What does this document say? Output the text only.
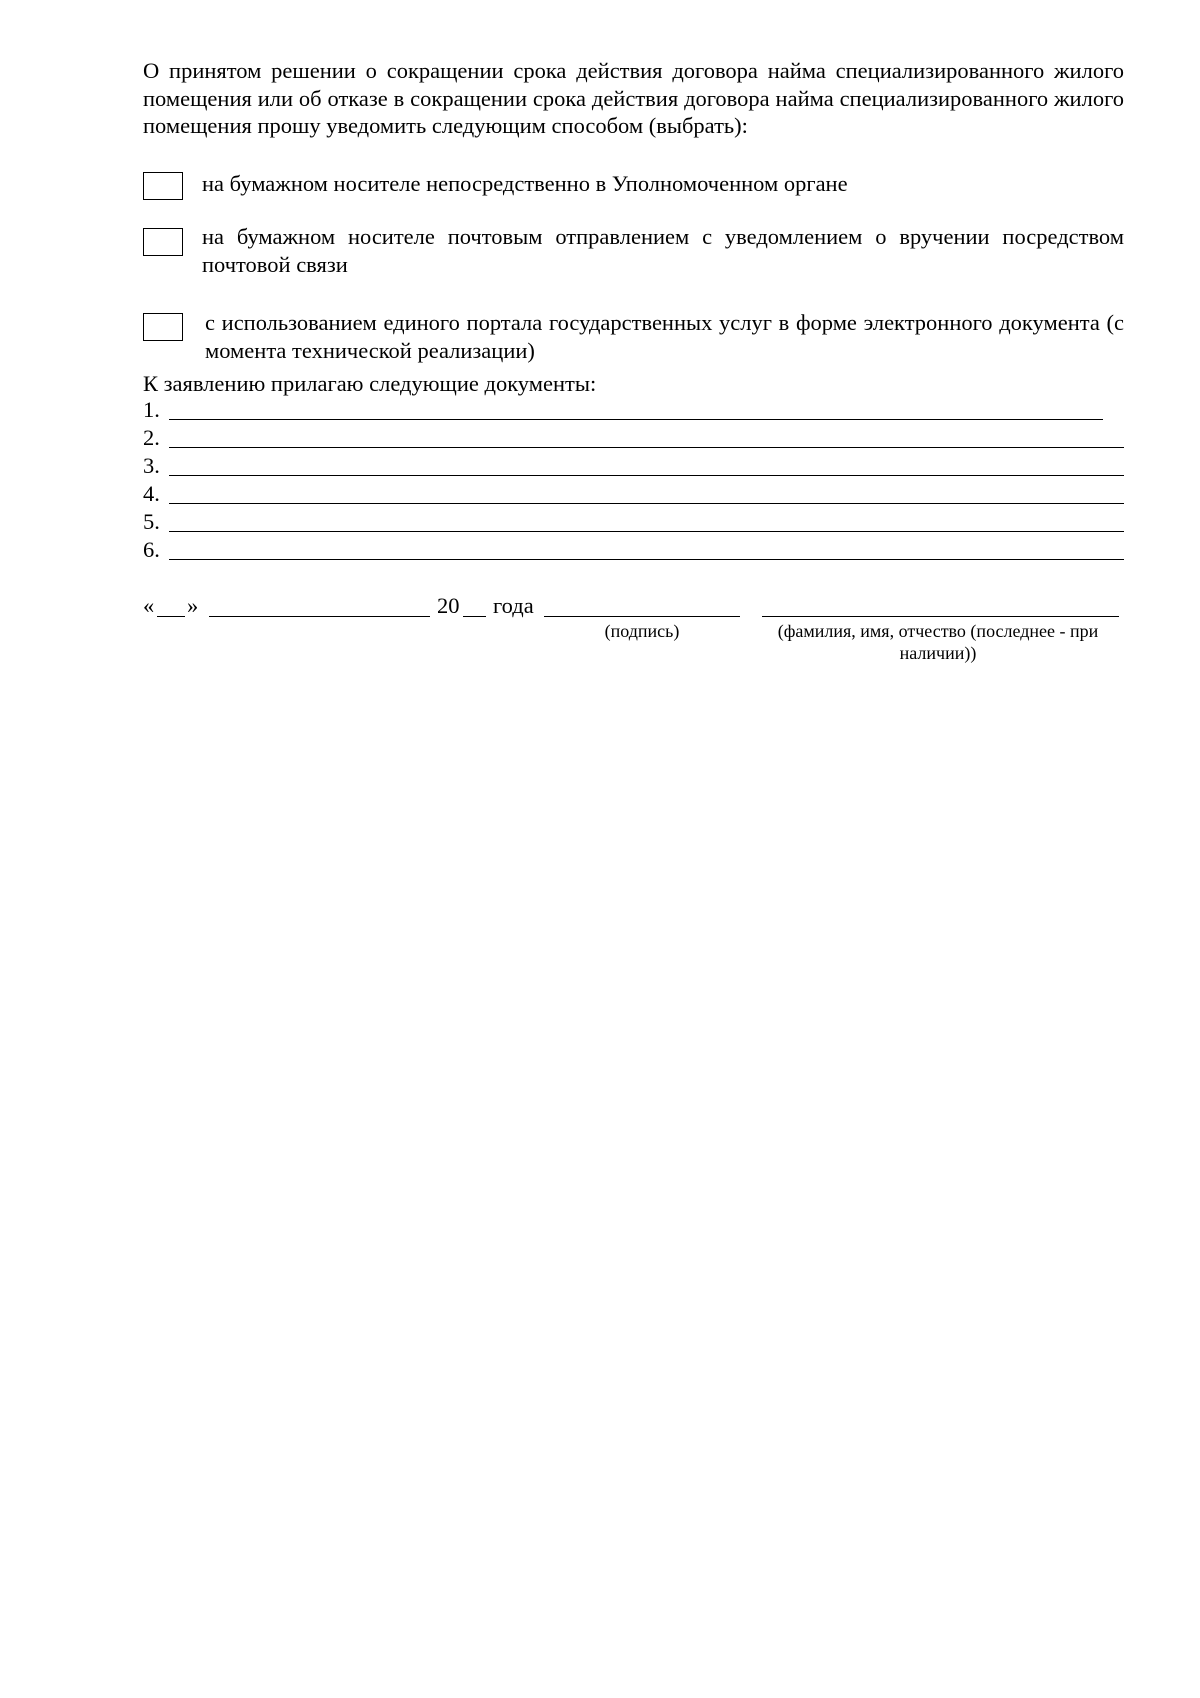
О принятом решении о сокращении срока действия договора найма специализированного жилого помещения или об отказе в сокращении срока действия договора найма специализированного жилого помещения прошу уведомить следующим способом (выбрать):

на бумажном носителе непосредственно в Уполномоченном органе

на бумажном носителе почтовым отправлением с уведомлением о вручении посредством почтовой связи

с использованием единого портала государственных услуг в форме электронного документа (с момента технической реализации)

К заявлению прилагаю следующие документы:

1.
2.
3.
4.
5.
6.
« »	20 года

(подпись)	(фамилия, имя, отчество (последнее - при наличии))
